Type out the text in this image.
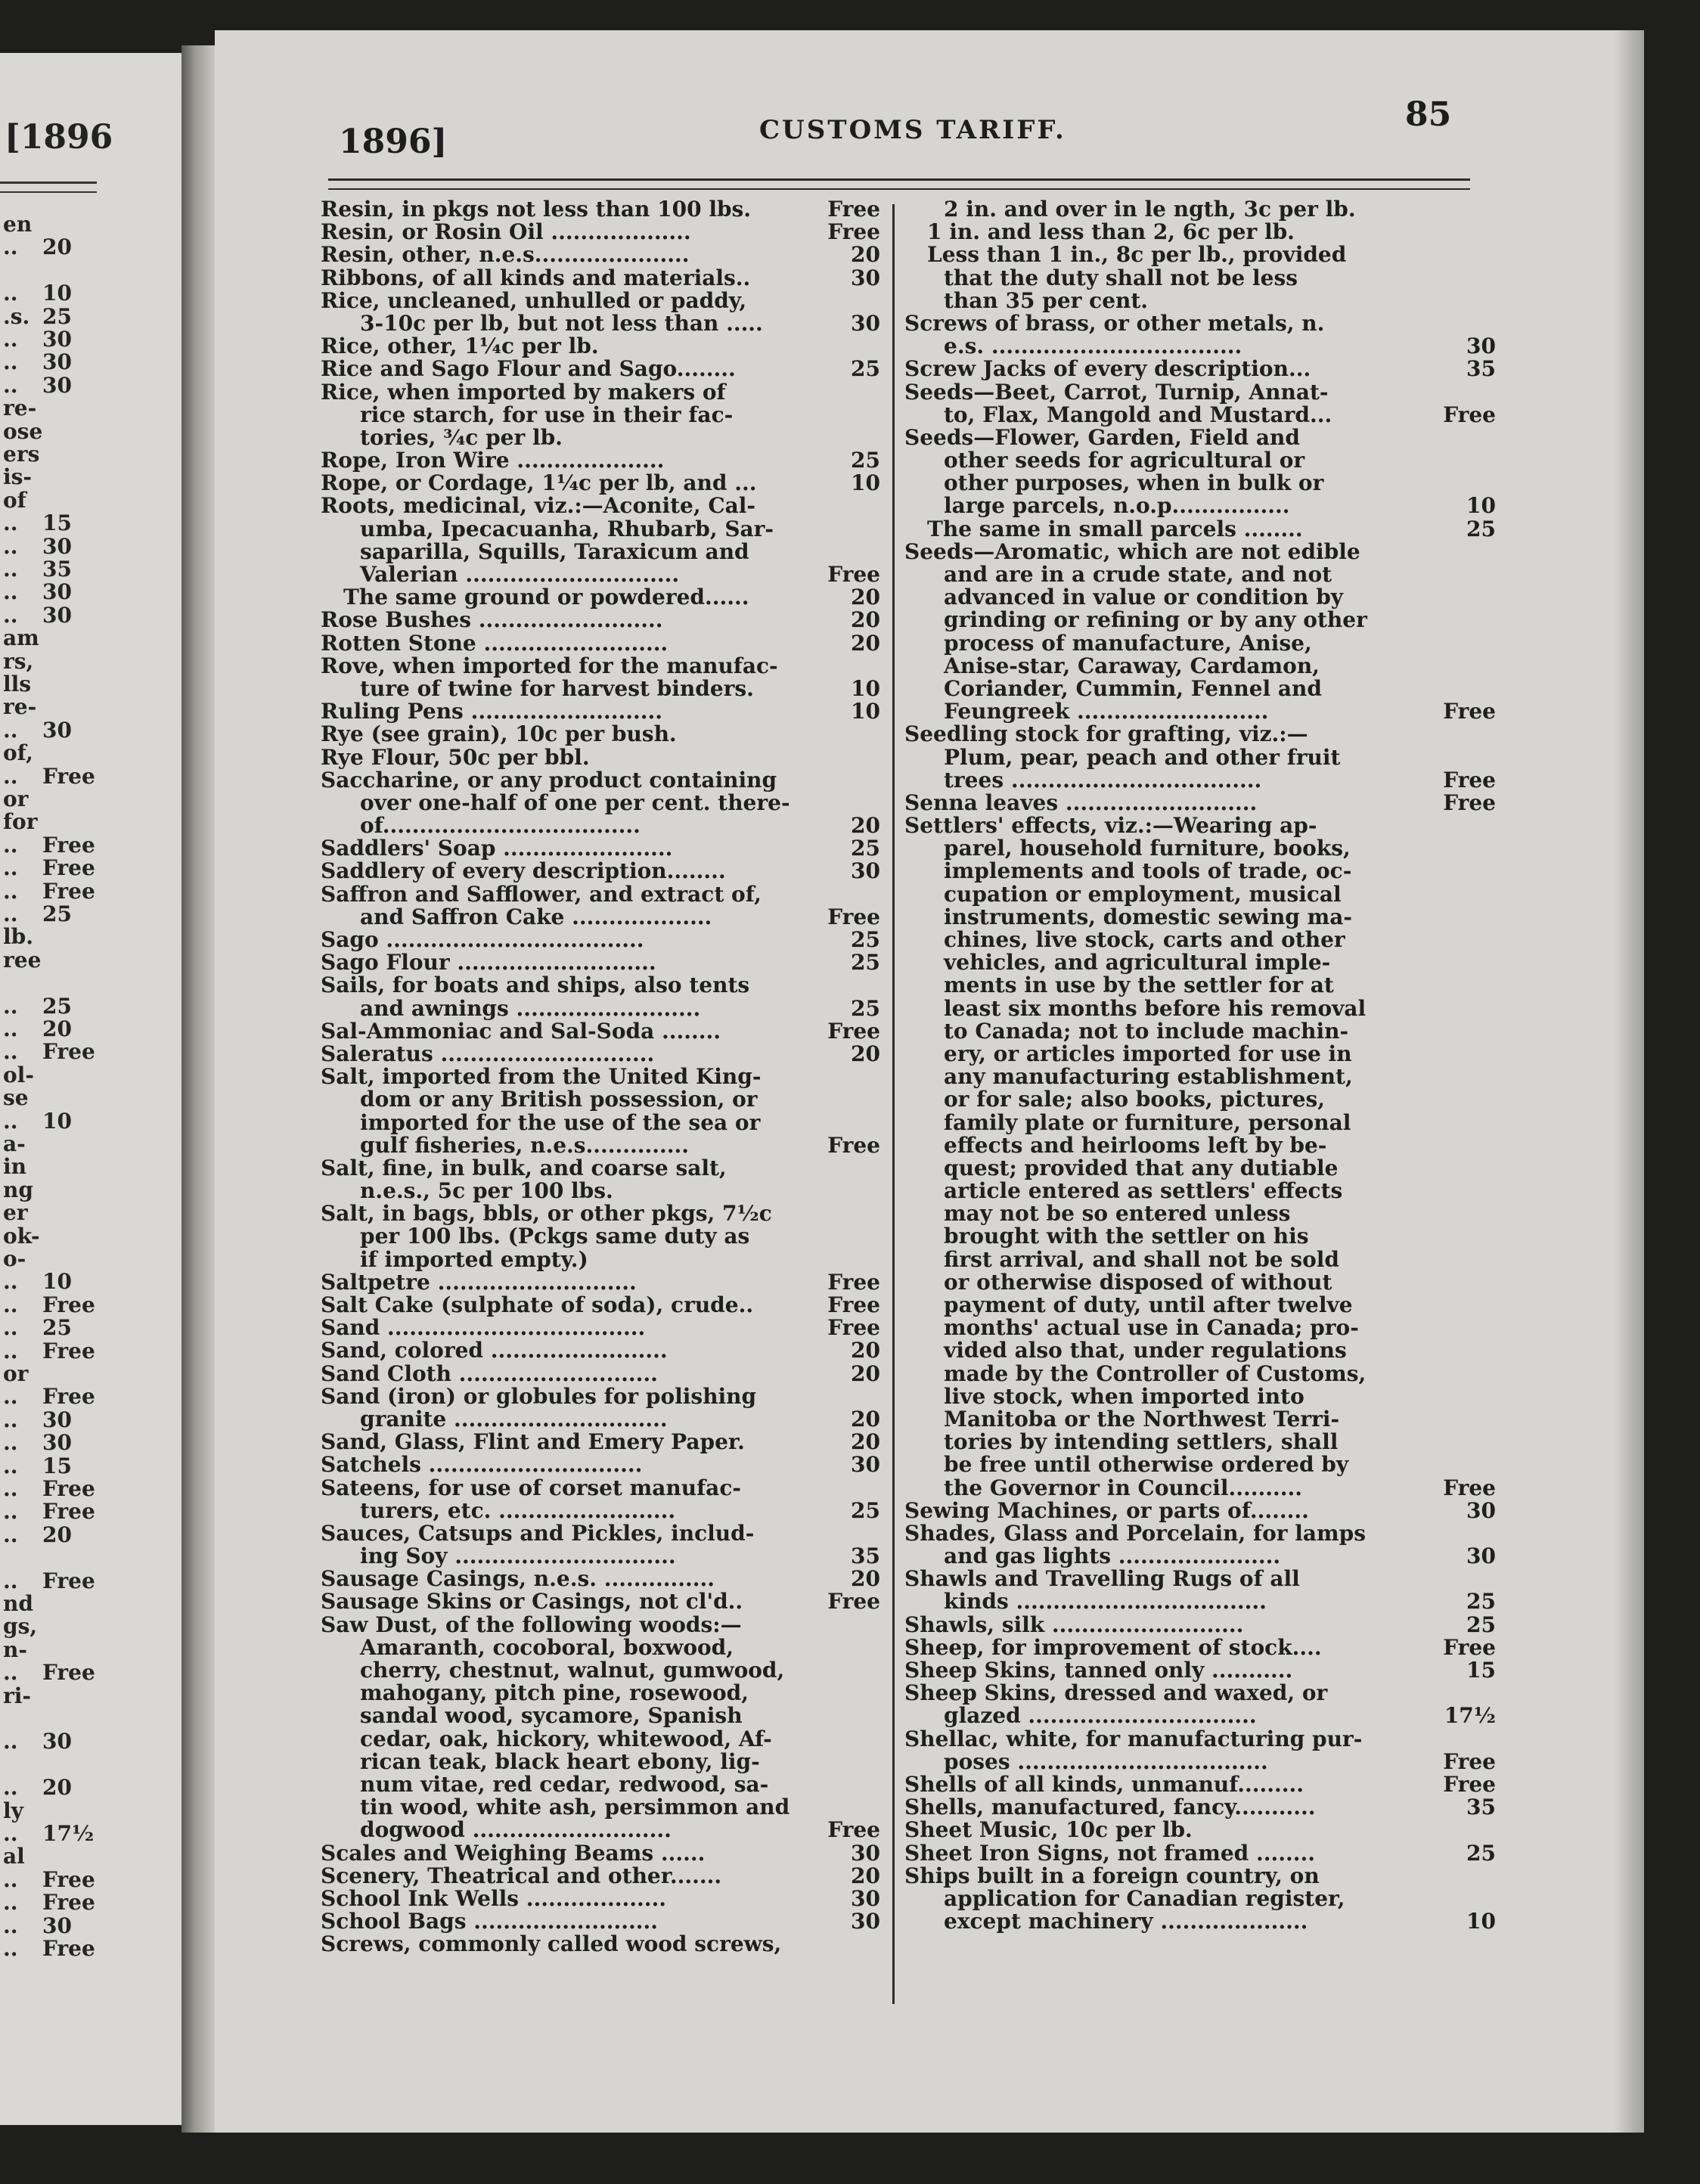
[1896
en
.. 20
.. 10
.s. 25
.. 30
.. 30
.. 30
re-
ose
ers
is-
of
.. 15
.. 30
.. 35
.. 30
.. 30
am
rs,
lls
re-
.. 30
of,
.. Free
or
for
.. Free
.. Free
.. Free
.. 25
lb.
ree
.. 25
.. 20
.. Free
ol-
se
.. 10
a-
in
ng
er
ok-
o-
.. 10
.. Free
.. 25
.. Free
or
.. Free
.. 30
.. 30
.. 15
.. Free
.. Free
.. 20
.. Free
nd
gs,
n-
.. Free
ri-
.. 30
.. 20
ly
.. 17½
al
.. Free
.. Free
.. 30
.. Free
1896]	CUSTOMS TARIFF.	85
Resin, in pkgs not less than 100 lbs.	Free
Resin, or Rosin Oil ...................	Free
Resin, other, n.e.s.....................	20
Ribbons, of all kinds and materials..	30
Rice, uncleaned, unhulled or paddy,
3-10c per lb, but not less than .....	30
Rice, other, 1¼c per lb.
Rice and Sago Flour and Sago........	25
Rice, when imported by makers of
rice starch, for use in their fac-
tories, ¾c per lb.
Rope, Iron Wire ....................	25
Rope, or Cordage, 1¼c per lb, and ...	10
Roots, medicinal, viz.:—Aconite, Cal-
umba, Ipecacuanha, Rhubarb, Sar-
saparilla, Squills, Taraxicum and
Valerian .............................	Free
The same ground or powdered......	20
Rose Bushes .........................	20
Rotten Stone .........................	20
Rove, when imported for the manufac-
ture of twine for harvest binders.	10
Ruling Pens ..........................	10
Rye (see grain), 10c per bush.
Rye Flour, 50c per bbl.
Saccharine, or any product containing
over one-half of one per cent. there-
of...................................	20
Saddlers' Soap .......................	25
Saddlery of every description........	30
Saffron and Safflower, and extract of,
and Saffron Cake ...................	Free
Sago ...................................	25
Sago Flour ...........................	25
Sails, for boats and ships, also tents
and awnings .........................	25
Sal-Ammoniac and Sal-Soda ........	Free
Saleratus .............................	20
Salt, imported from the United King-
dom or any British possession, or
imported for the use of the sea or
gulf fisheries, n.e.s..............	Free
Salt, fine, in bulk, and coarse salt,
n.e.s., 5c per 100 lbs.
Salt, in bags, bbls, or other pkgs, 7½c
per 100 lbs. (Pckgs same duty as
if imported empty.)
Saltpetre ...........................	Free
Salt Cake (sulphate of soda), crude..	Free
Sand ...................................	Free
Sand, colored ........................	20
Sand Cloth ...........................	20
Sand (iron) or globules for polishing
granite .............................	20
Sand, Glass, Flint and Emery Paper.	20
Satchels .............................	30
Sateens, for use of corset manufac-
turers, etc. ........................	25
Sauces, Catsups and Pickles, includ-
ing Soy ..............................	35
Sausage Casings, n.e.s. ...............	20
Sausage Skins or Casings, not cl'd..	Free
Saw Dust, of the following woods:—
Amaranth, cocoboral, boxwood,
cherry, chestnut, walnut, gumwood,
mahogany, pitch pine, rosewood,
sandal wood, sycamore, Spanish
cedar, oak, hickory, whitewood, Af-
rican teak, black heart ebony, lig-
num vitae, red cedar, redwood, sa-
tin wood, white ash, persimmon and
dogwood ...........................	Free
Scales and Weighing Beams ......	30
Scenery, Theatrical and other.......	20
School Ink Wells ...................	30
School Bags .........................	30
Screws, commonly called wood screws,
2 in. and over in le ngth, 3c per lb.
1 in. and less than 2, 6c per lb.
Less than 1 in., 8c per lb., provided
that the duty shall not be less
than 35 per cent.
Screws of brass, or other metals, n.
e.s. ..................................	30
Screw Jacks of every description...	35
Seeds—Beet, Carrot, Turnip, Annat-
to, Flax, Mangold and Mustard...	Free
Seeds—Flower, Garden, Field and
other seeds for agricultural or
other purposes, when in bulk or
large parcels, n.o.p................	10
The same in small parcels ........	25
Seeds—Aromatic, which are not edible
and are in a crude state, and not
advanced in value or condition by
grinding or refining or by any other
process of manufacture, Anise,
Anise-star, Caraway, Cardamon,
Coriander, Cummin, Fennel and
Feungreek ..........................	Free
Seedling stock for grafting, viz.:—
Plum, pear, peach and other fruit
trees ..................................	Free
Senna leaves ..........................	Free
Settlers' effects, viz.:—Wearing ap-
parel, household furniture, books,
implements and tools of trade, oc-
cupation or employment, musical
instruments, domestic sewing ma-
chines, live stock, carts and other
vehicles, and agricultural imple-
ments in use by the settler for at
least six months before his removal
to Canada; not to include machin-
ery, or articles imported for use in
any manufacturing establishment,
or for sale; also books, pictures,
family plate or furniture, personal
effects and heirlooms left by be-
quest; provided that any dutiable
article entered as settlers' effects
may not be so entered unless
brought with the settler on his
first arrival, and shall not be sold
or otherwise disposed of without
payment of duty, until after twelve
months' actual use in Canada; pro-
vided also that, under regulations
made by the Controller of Customs,
live stock, when imported into
Manitoba or the Northwest Terri-
tories by intending settlers, shall
be free until otherwise ordered by
the Governor in Council..........	Free
Sewing Machines, or parts of........	30
Shades, Glass and Porcelain, for lamps
and gas lights ......................	30
Shawls and Travelling Rugs of all
kinds ..................................	25
Shawls, silk ..........................	25
Sheep, for improvement of stock....	Free
Sheep Skins, tanned only ...........	15
Sheep Skins, dressed and waxed, or
glazed ...............................	17½
Shellac, white, for manufacturing pur-
poses ..................................	Free
Shells of all kinds, unmanuf.........	Free
Shells, manufactured, fancy...........	35
Sheet Music, 10c per lb.
Sheet Iron Signs, not framed ........	25
Ships built in a foreign country, on
application for Canadian register,
except machinery ....................	10
